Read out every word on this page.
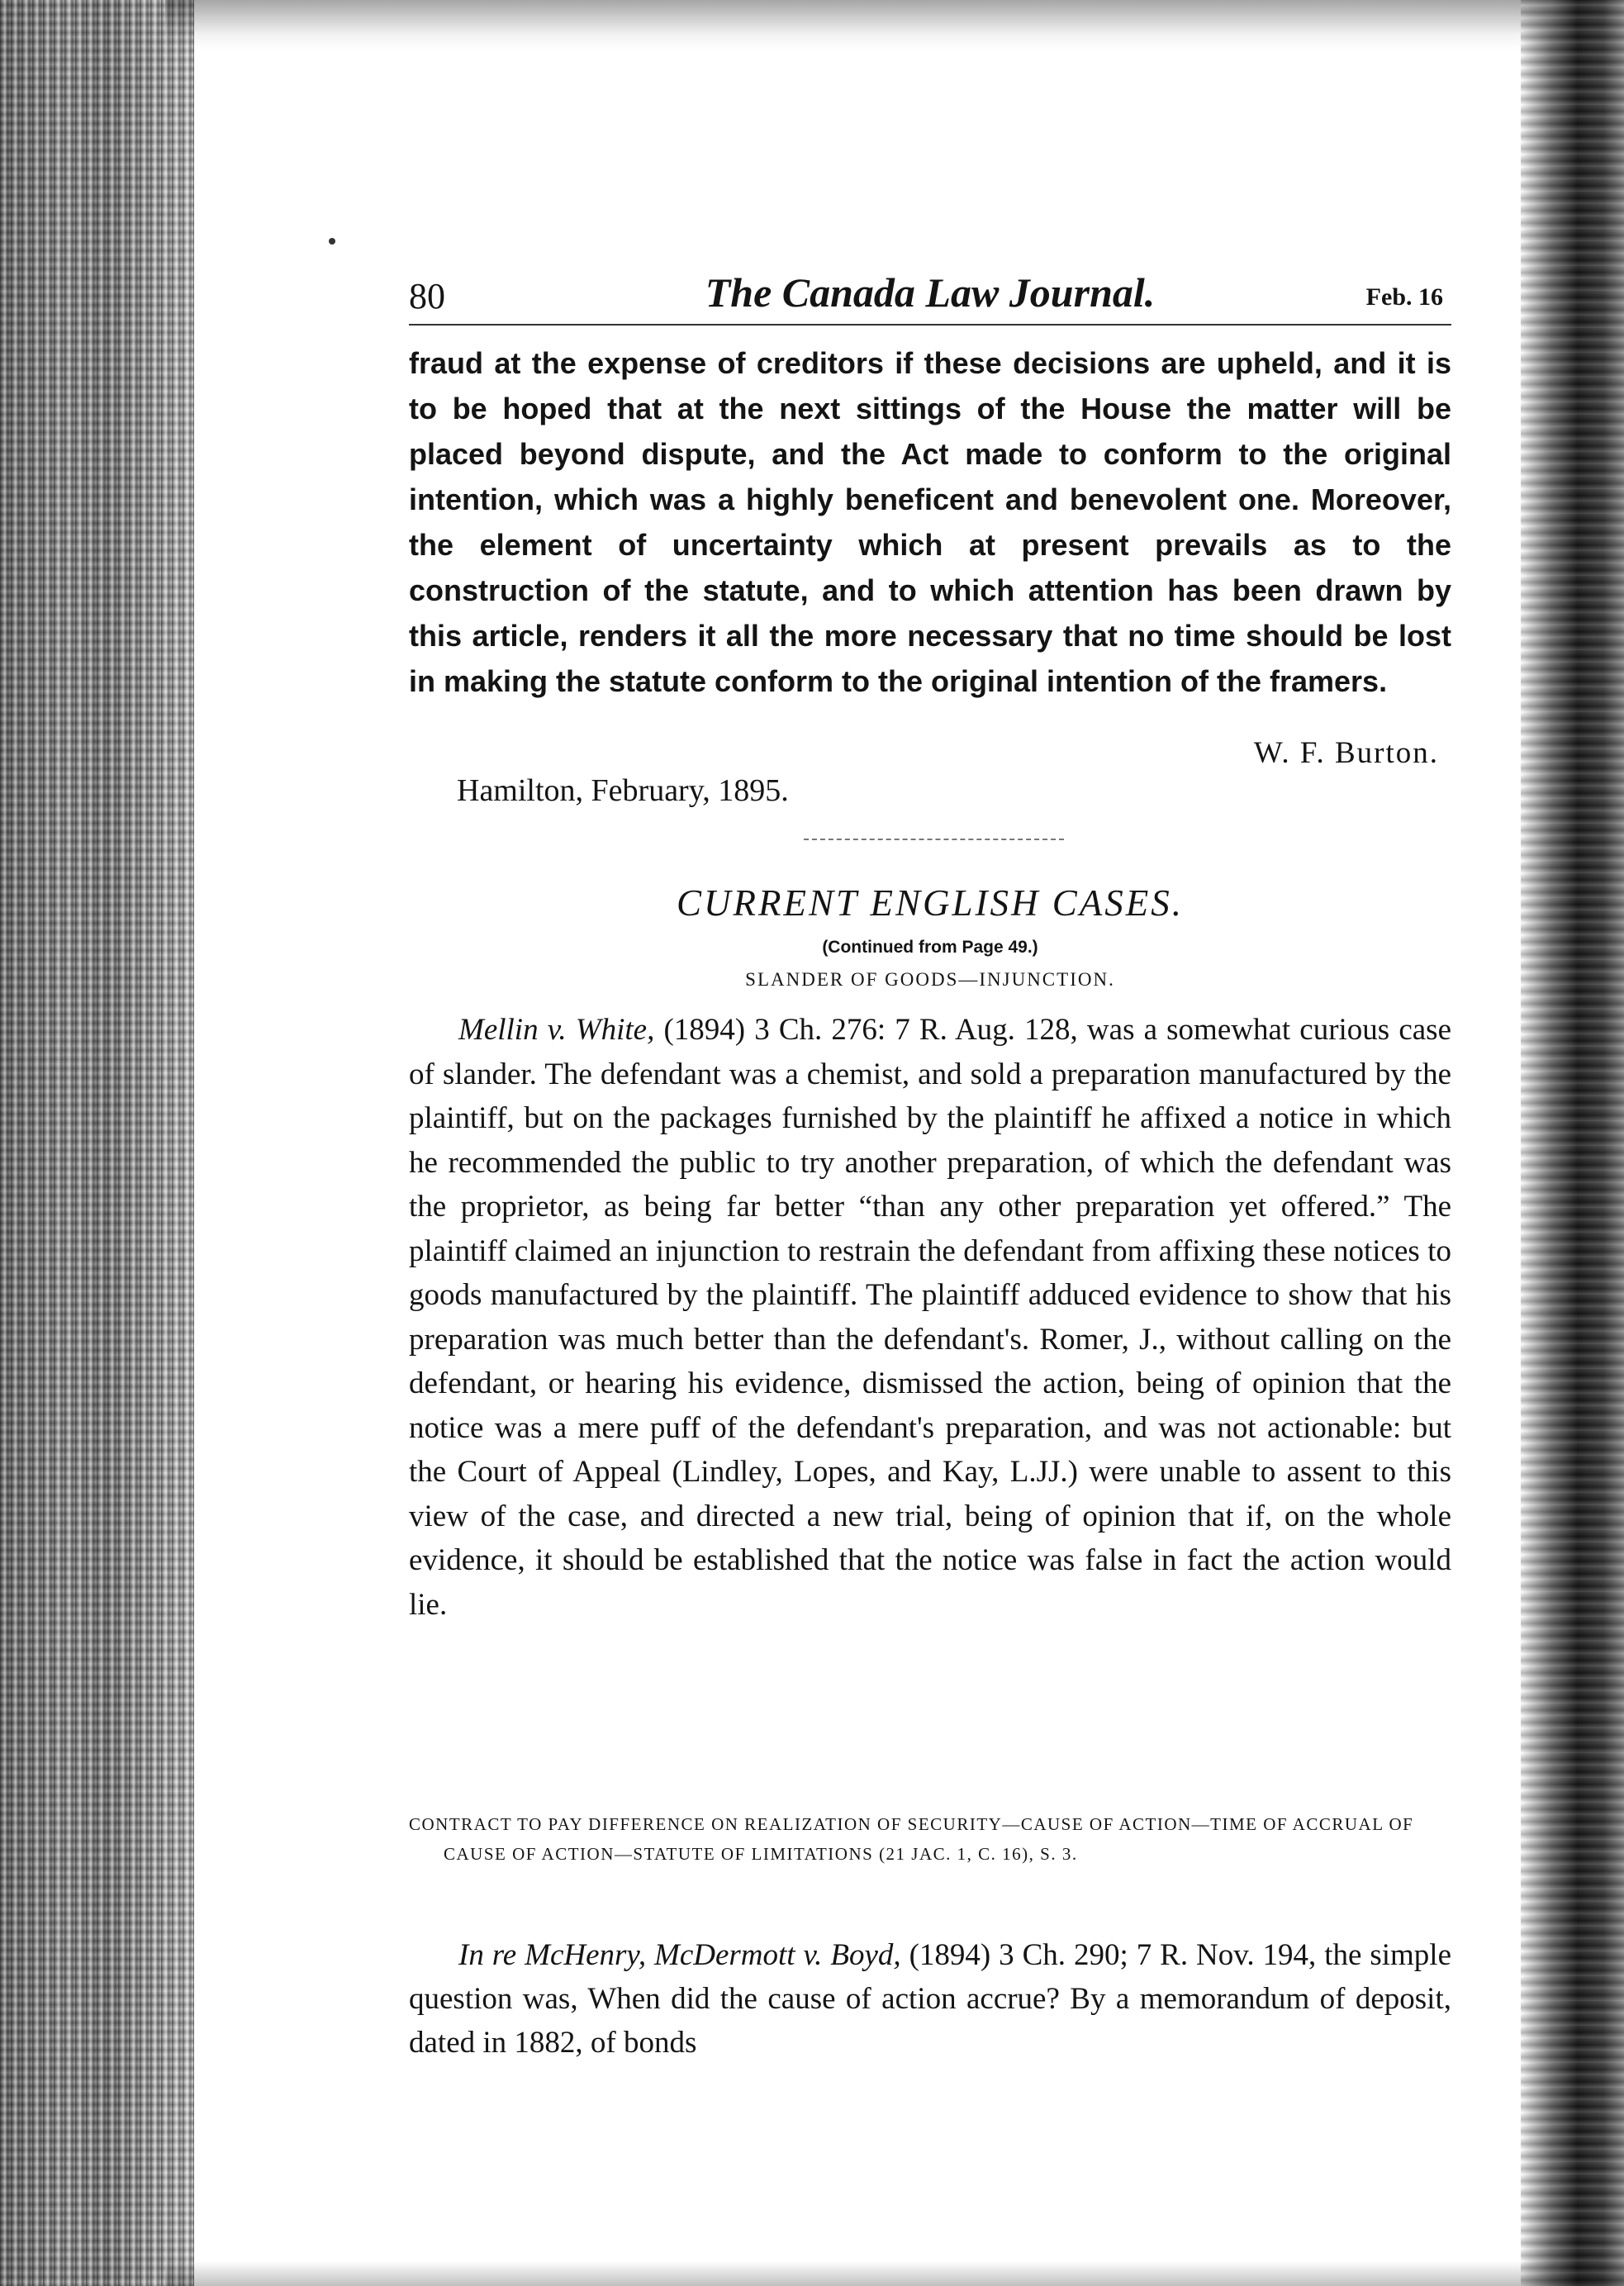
80	The Canada Law Journal.	Feb. 16

fraud at the expense of creditors if these decisions are upheld, and it is to be hoped that at the next sittings of the House the matter will be placed beyond dispute, and the Act made to conform to the original intention, which was a highly beneficent and benevolent one. Moreover, the element of uncertainty which at present prevails as to the construction of the statute, and to which attention has been drawn by this article, renders it all the more necessary that no time should be lost in making the statute conform to the original intention of the framers.

W. F. Burton.
Hamilton, February, 1895.
CURRENT ENGLISH CASES.
(Continued from Page 49.)
SLANDER OF GOODS—INJUNCTION.

Mellin v. White, (1894) 3 Ch. 276: 7 R. Aug. 128, was a somewhat curious case of slander. The defendant was a chemist, and sold a preparation manufactured by the plaintiff, but on the packages furnished by the plaintiff he affixed a notice in which he recommended the public to try another preparation, of which the defendant was the proprietor, as being far better “than any other preparation yet offered.” The plaintiff claimed an injunction to restrain the defendant from affixing these notices to goods manufactured by the plaintiff. The plaintiff adduced evidence to show that his preparation was much better than the defendant's. Romer, J., without calling on the defendant, or hearing his evidence, dismissed the action, being of opinion that the notice was a mere puff of the defendant's preparation, and was not actionable: but the Court of Appeal (Lindley, Lopes, and Kay, L.JJ.) were unable to assent to this view of the case, and directed a new trial, being of opinion that if, on the whole evidence, it should be established that the notice was false in fact the action would lie.

CONTRACT TO PAY DIFFERENCE ON REALIZATION OF SECURITY—CAUSE OF ACTION—TIME OF ACCRUAL OF CAUSE OF ACTION—STATUTE OF LIMITATIONS (21 JAC. 1, C. 16), S. 3.

In re McHenry, McDermott v. Boyd, (1894) 3 Ch. 290; 7 R. Nov. 194, the simple question was, When did the cause of action accrue? By a memorandum of deposit, dated in 1882, of bonds
